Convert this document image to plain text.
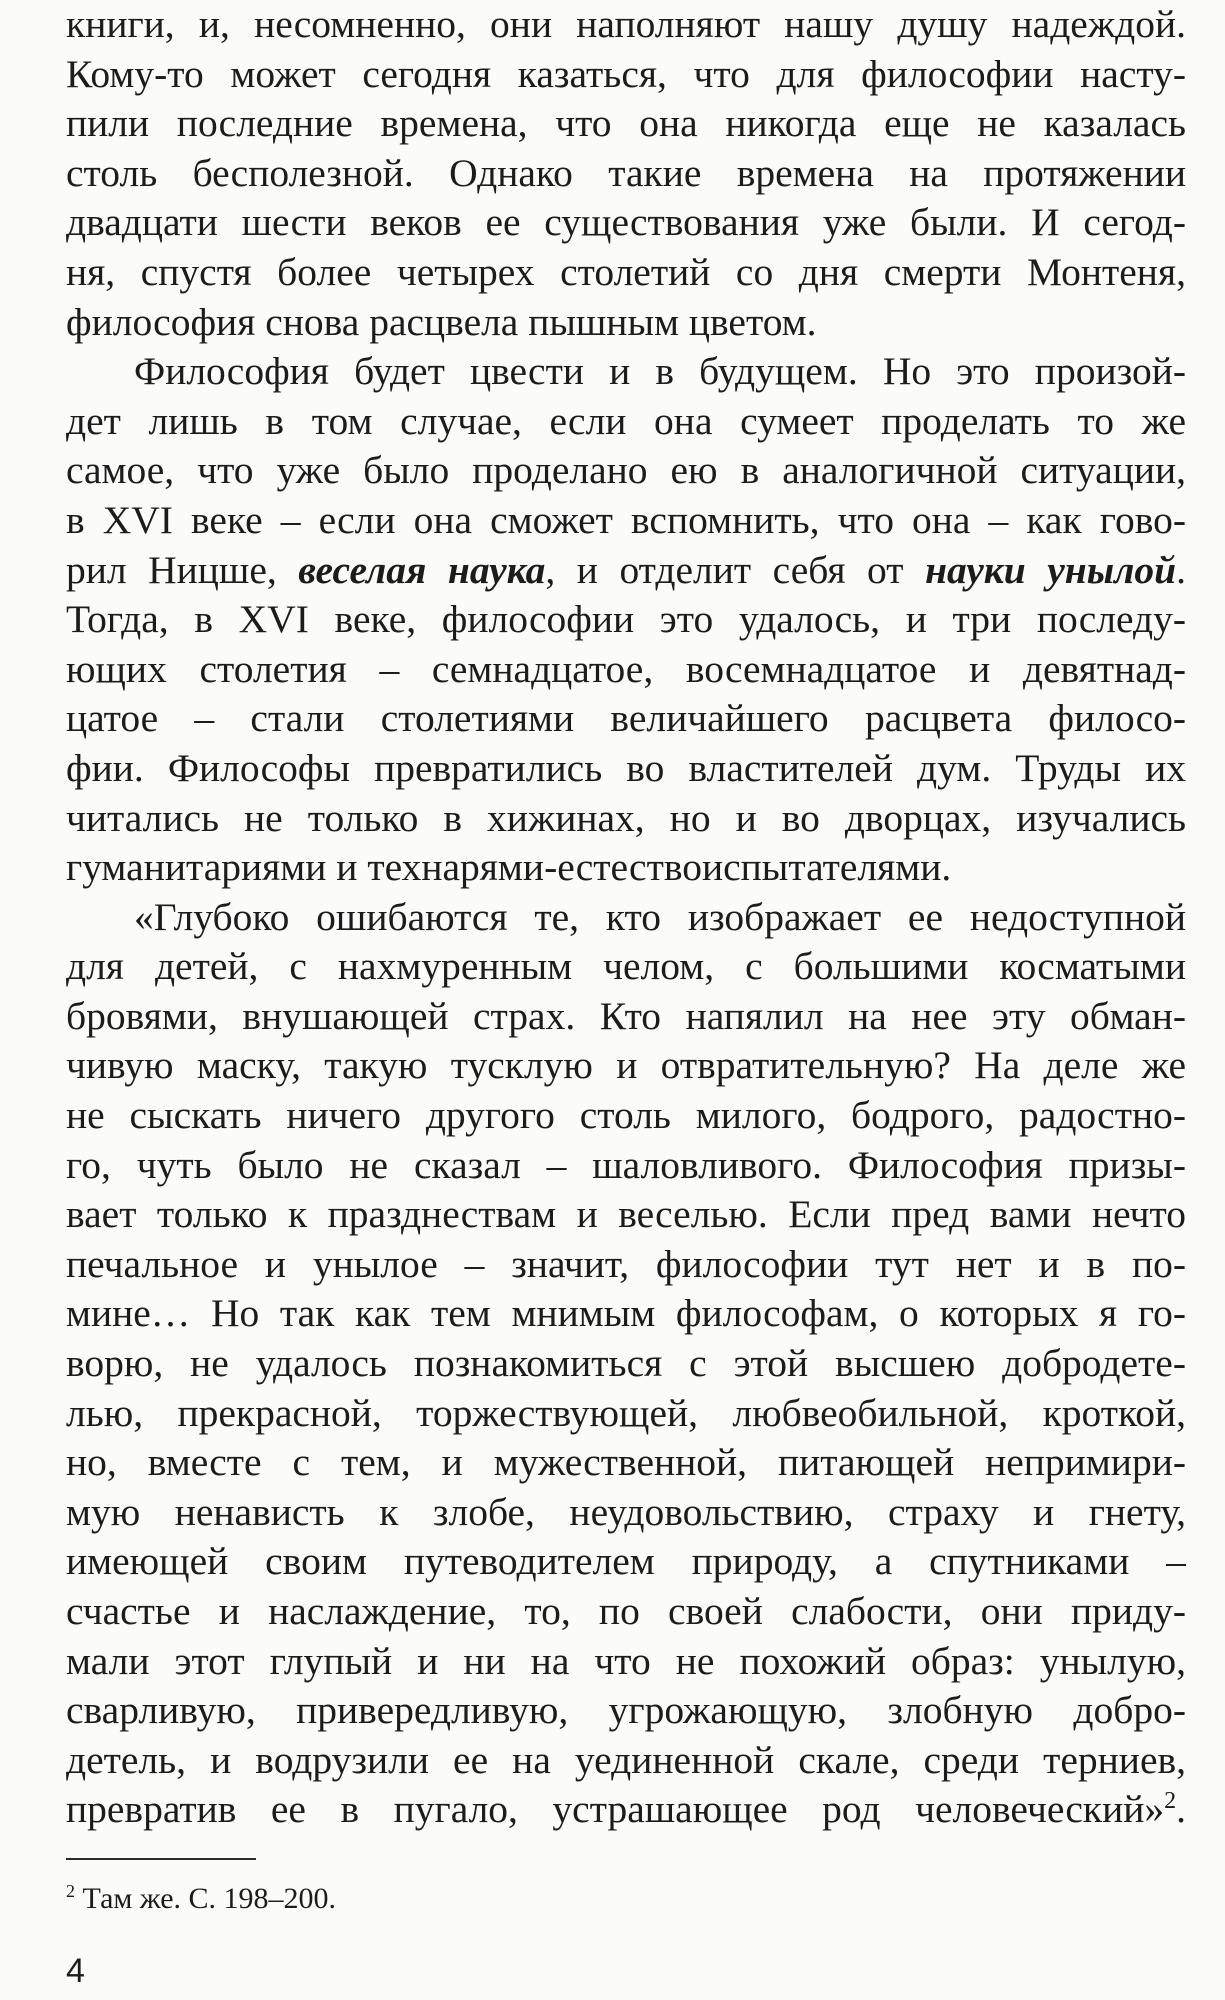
книги, и, несомненно, они наполняют нашу душу надеждой.
Кому-то может сегодня казаться, что для философии насту-
пили последние времена, что она никогда еще не казалась
столь бесполезной. Однако такие времена на протяжении
двадцати шести веков ее существования уже были. И сегод-
ня, спустя более четырех столетий со дня смерти Монтеня,
философия снова расцвела пышным цветом.
Философия будет цвести и в будущем. Но это произой-
дет лишь в том случае, если она сумеет проделать то же
самое, что уже было проделано ею в аналогичной ситуации,
в XVI веке – если она сможет вспомнить, что она – как гово-
рил Ницше, веселая наука, и отделит себя от науки унылой.
Тогда, в XVI веке, философии это удалось, и три последу-
ющих столетия – семнадцатое, восемнадцатое и девятнад-
цатое – стали столетиями величайшего расцвета филосо-
фии. Философы превратились во властителей дум. Труды их
читались не только в хижинах, но и во дворцах, изучались
гуманитариями и технарями-естествоиспытателями.
«Глубоко ошибаются те, кто изображает ее недоступной
для детей, с нахмуренным челом, с большими косматыми
бровями, внушающей страх. Кто напялил на нее эту обман-
чивую маску, такую тусклую и отвратительную? На деле же
не сыскать ничего другого столь милого, бодрого, радостно-
го, чуть было не сказал – шаловливого. Философия призы-
вает только к празднествам и веселью. Если пред вами нечто
печальное и унылое – значит, философии тут нет и в по-
мине… Но так как тем мнимым философам, о которых я го-
ворю, не удалось познакомиться с этой высшею добродете-
лью, прекрасной, торжествующей, любвеобильной, кроткой,
но, вместе с тем, и мужественной, питающей непримири-
мую ненависть к злобе, неудовольствию, страху и гнету,
имеющей своим путеводителем природу, а спутниками –
счастье и наслаждение, то, по своей слабости, они приду-
мали этот глупый и ни на что не похожий образ: унылую,
сварливую, привередливую, угрожающую, злобную добро-
детель, и водрузили ее на уединенной скале, среди терниев,
превратив ее в пугало, устрашающее род человеческий»$^2$.
$^2$ Там же. С. 198–200.
4
